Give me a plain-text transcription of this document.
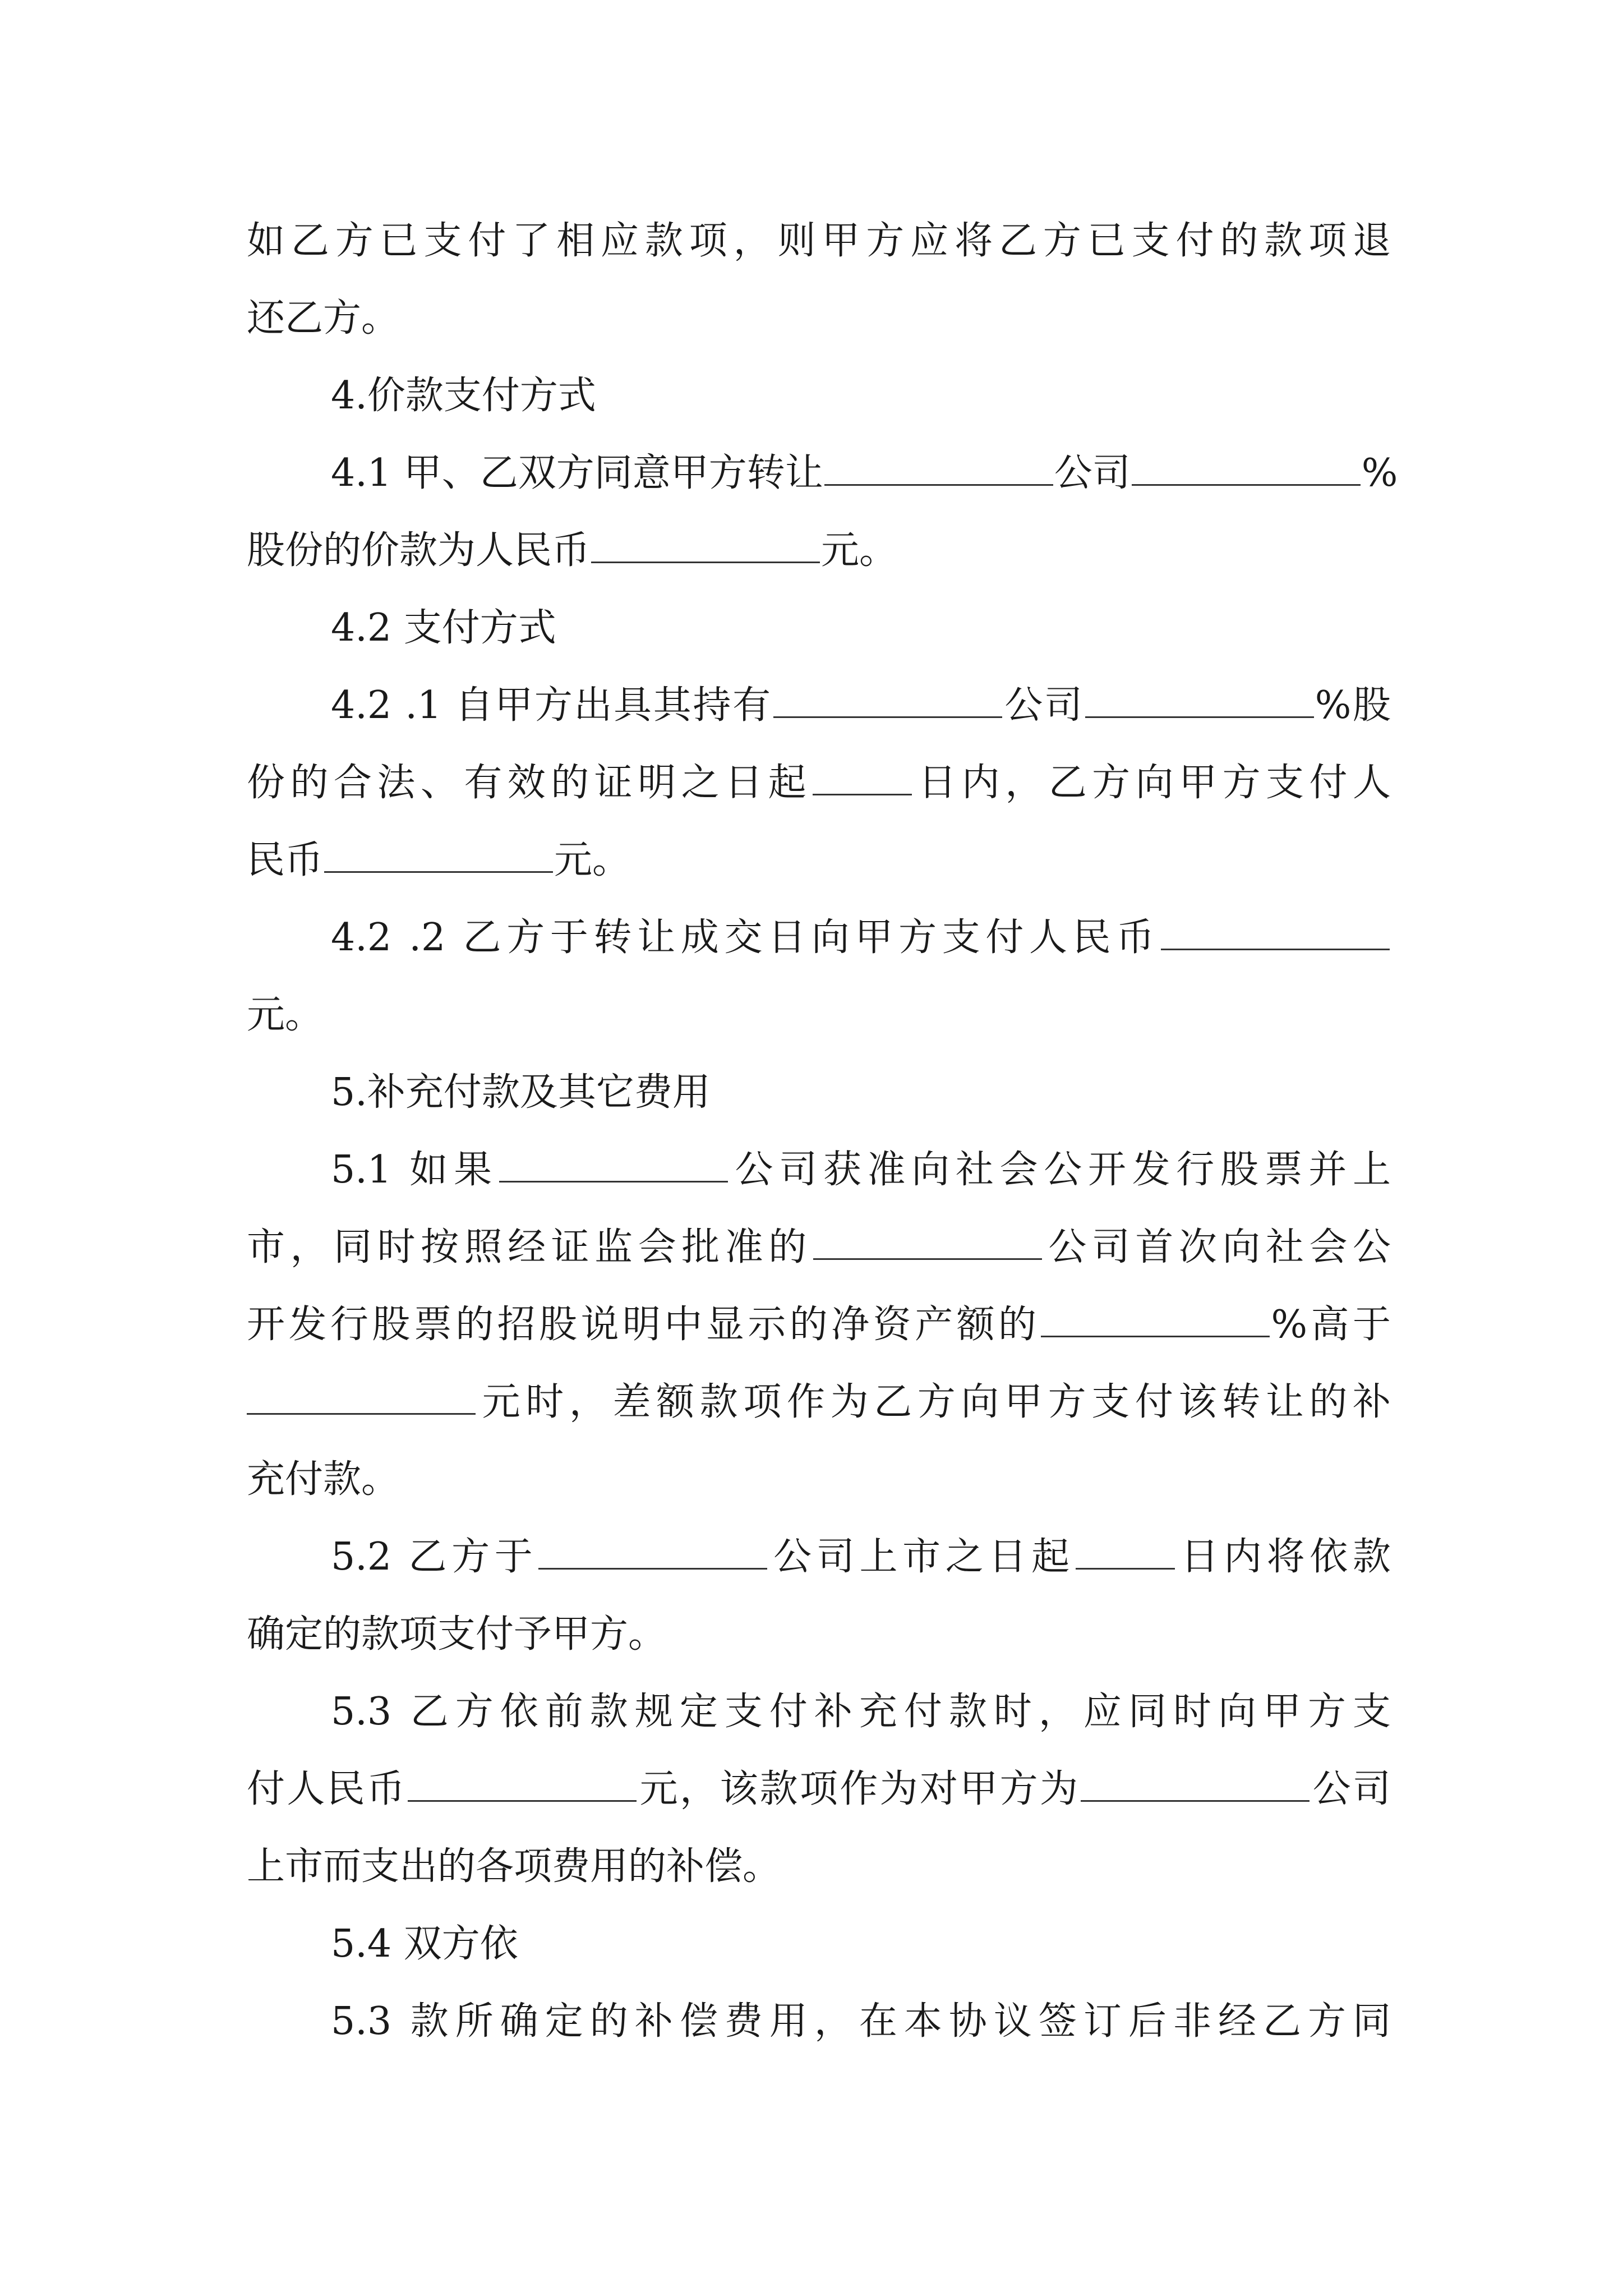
如乙方已支付了相应款项，则甲方应将乙方已支付的款项退

还乙方。

4.价款支付方式

4.1 甲、乙双方同意甲方转让	公司	%

股份的价款为人民币	元。

4.2 支付方式

4.2 .1 自甲方出具其持有	公司	%股

份的合法、有效的证明之日起	日内，乙方向甲方支付人

民币	元。

4.2 .2 乙方于转让成交日向甲方支付人民币

元。

5.补充付款及其它费用

5.1 如果	公司获准向社会公开发行股票并上

市，同时按照经证监会批准的	公司首次向社会公

开发行股票的招股说明中显示的净资产额的	%高于

元时，差额款项作为乙方向甲方支付该转让的补

充付款。

5.2 乙方于	公司上市之日起	日内将依款

确定的款项支付予甲方。

5.3 乙方依前款规定支付补充付款时，应同时向甲方支

付人民币	元，该款项作为对甲方为	公司

上市而支出的各项费用的补偿。

5.4 双方依

5.3 款所确定的补偿费用，在本协议签订后非经乙方同
